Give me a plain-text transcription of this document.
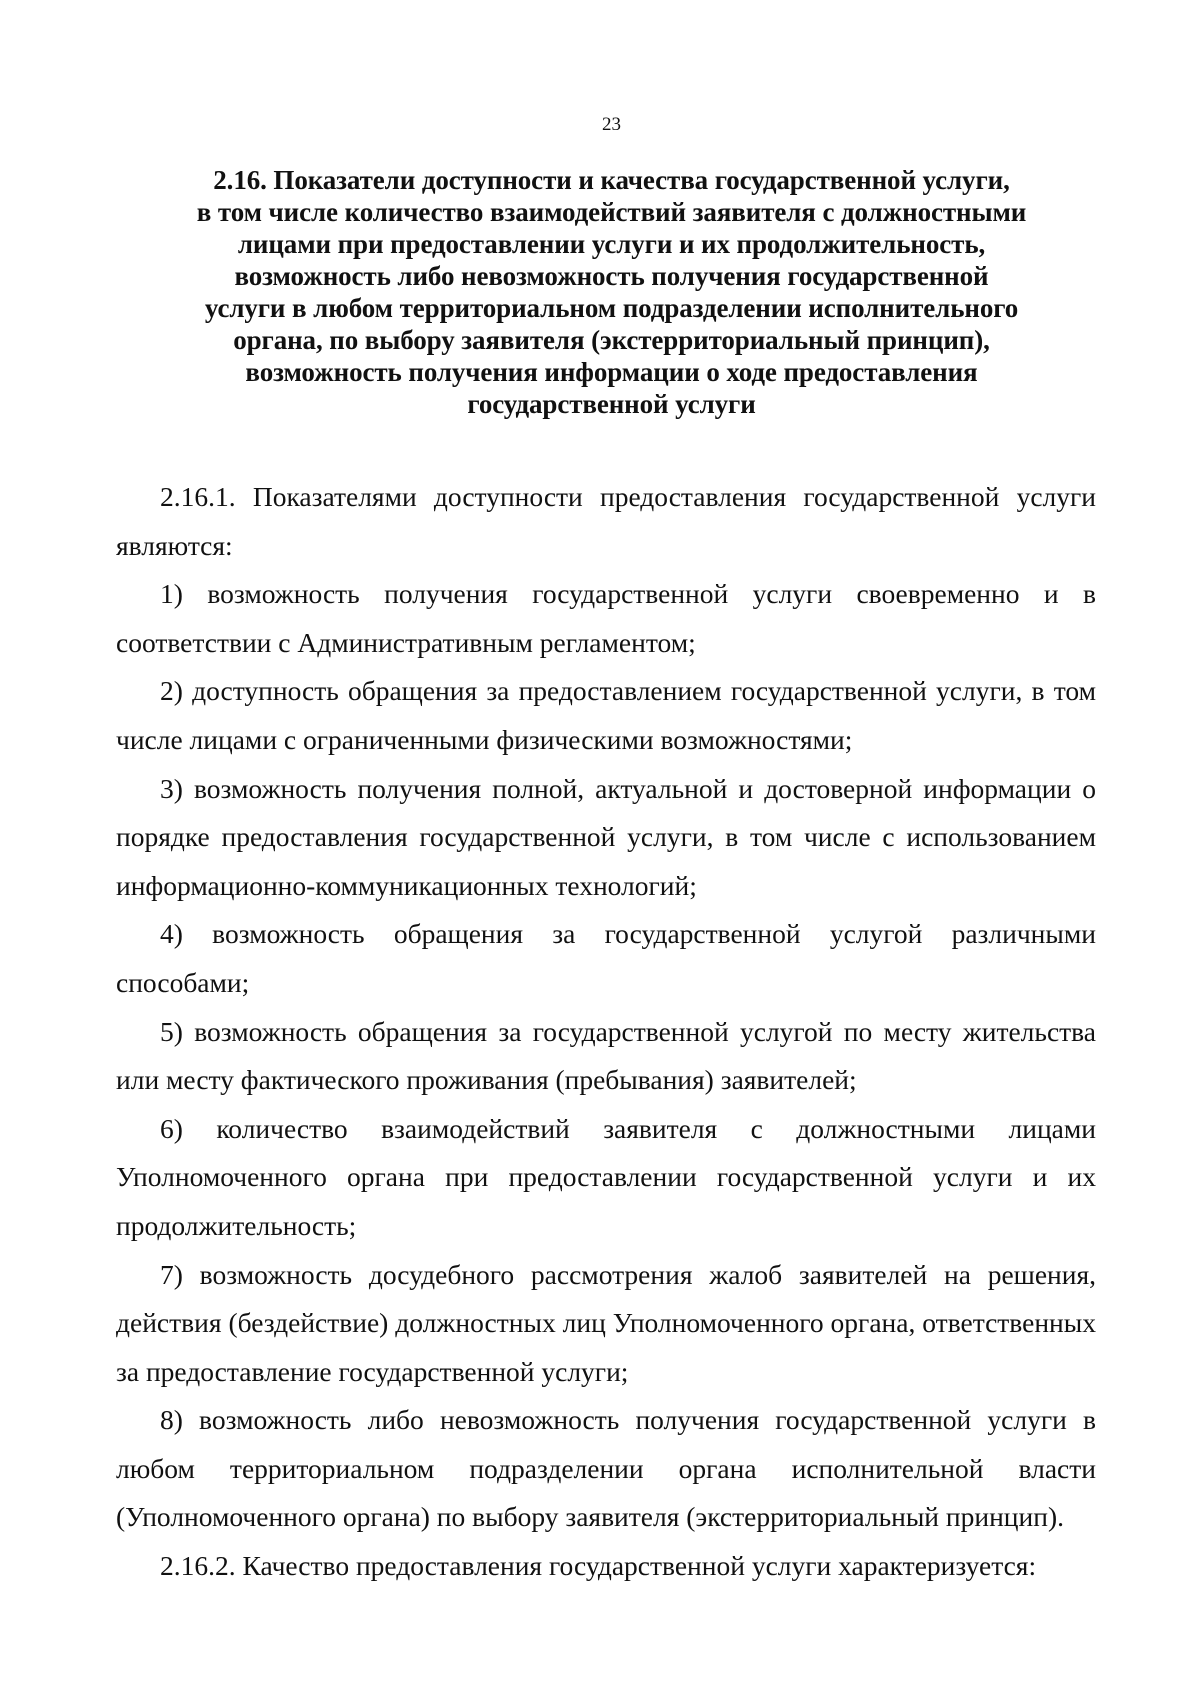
23
2.16. Показатели доступности и качества государственной услуги,
в том числе количество взаимодействий заявителя с должностными
лицами при предоставлении услуги и их продолжительность,
возможность либо невозможность получения государственной
услуги в любом территориальном подразделении исполнительного
органа, по выбору заявителя (экстерриториальный принцип),
возможность получения информации о ходе предоставления
государственной услуги

2.16.1. Показателями доступности предоставления государственной услуги являются:

1) возможность получения государственной услуги своевременно и в соответствии с Административным регламентом;

2) доступность обращения за предоставлением государственной услуги, в том числе лицами с ограниченными физическими возможностями;

3) возможность получения полной, актуальной и достоверной информации о порядке предоставления государственной услуги, в том числе с использованием информационно-коммуникационных технологий;

4) возможность обращения за государственной услугой различными способами;

5) возможность обращения за государственной услугой по месту жительства или месту фактического проживания (пребывания) заявителей;

6) количество взаимодействий заявителя с должностными лицами Уполномоченного органа при предоставлении государственной услуги и их продолжительность;

7) возможность досудебного рассмотрения жалоб заявителей на решения, действия (бездействие) должностных лиц Уполномоченного органа, ответственных за предоставление государственной услуги;

8) возможность либо невозможность получения государственной услуги в любом территориальном подразделении органа исполнительной власти (Уполномоченного органа) по выбору заявителя (экстерриториальный принцип).

2.16.2. Качество предоставления государственной услуги характеризуется:
